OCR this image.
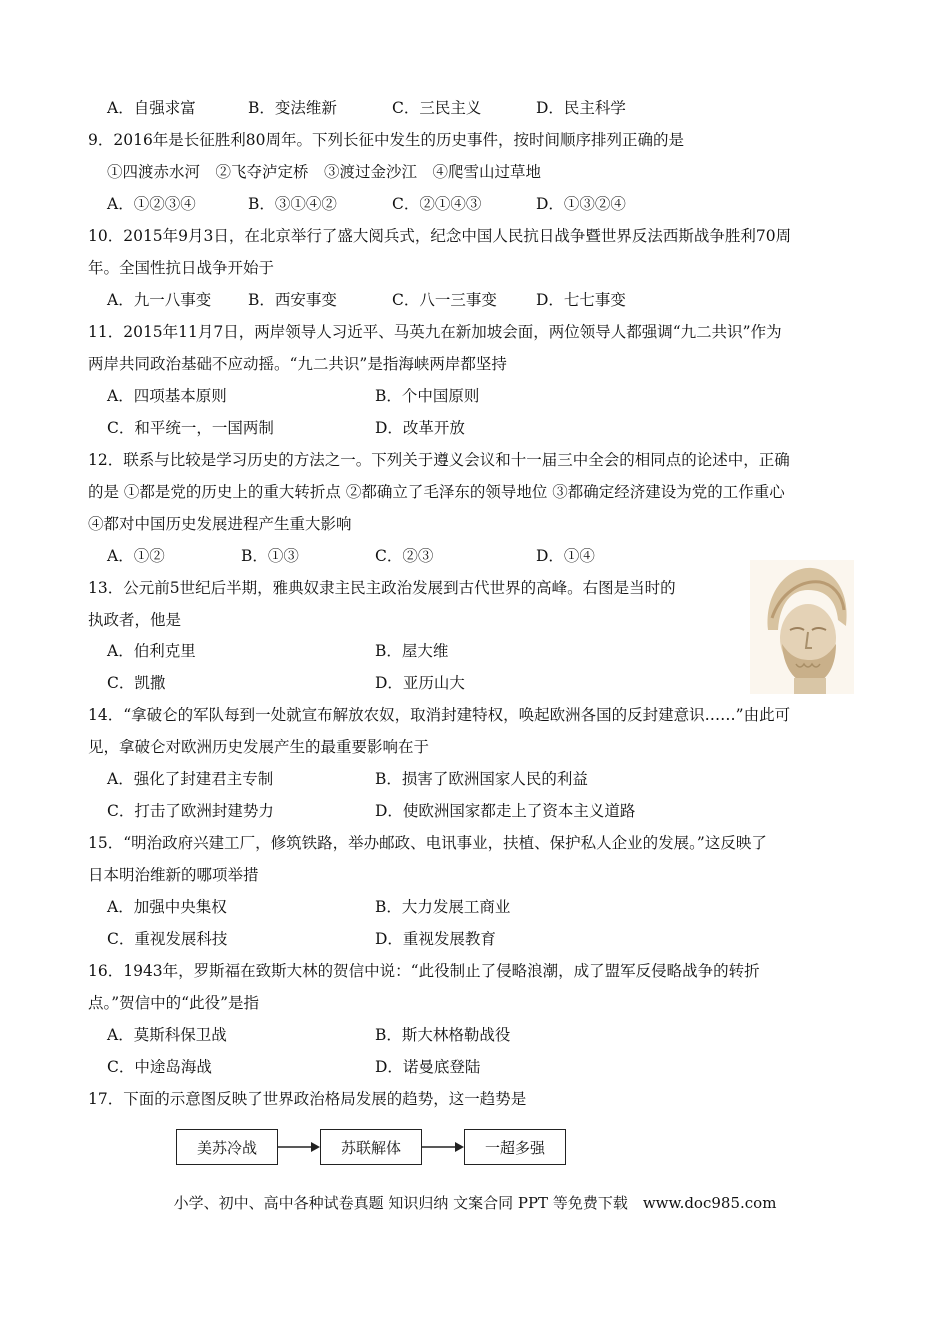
A．自强求富	B．变法维新	C．三民主义	D．民主科学
9．2016年是长征胜利80周年。下列长征中发生的历史事件，按时间顺序排列正确的是
①四渡赤水河　②飞夺泸定桥　③渡过金沙江　④爬雪山过草地
A．①②③④	B．③①④②	C．②①④③	D．①③②④
10．2015年9月3日，在北京举行了盛大阅兵式，纪念中国人民抗日战争暨世界反法西斯战争胜利70周
年。全国性抗日战争开始于
A．九一八事变 B．西安事变	C．八一三事变	D．七七事变
11．2015年11月7日，两岸领导人习近平、马英九在新加坡会面，两位领导人都强调“九二共识”作为
两岸共同政治基础不应动摇。“九二共识”是指海峡两岸都坚持
A．四项基本原则	B．个中国原则
C．和平统一，一国两制	D．改革开放
12．联系与比较是学习历史的方法之一。下列关于遵义会议和十一届三中全会的相同点的论述中，正确
的是 ①都是党的历史上的重大转折点 ②都确立了毛泽东的领导地位 ③都确定经济建设为党的工作重心
④都对中国历史发展进程产生重大影响
A．①②	B．①③	C．②③	D．①④
13．公元前5世纪后半期，雅典奴隶主民主政治发展到古代世界的高峰。右图是当时的
执政者，他是
A．伯利克里	B．屋大维
C．凯撒	D．亚历山大
14．“拿破仑的军队每到一处就宣布解放农奴，取消封建特权，唤起欧洲各国的反封建意识……”由此可
见，拿破仑对欧洲历史发展产生的最重要影响在于
A．强化了封建君主专制	B．损害了欧洲国家人民的利益
C．打击了欧洲封建势力	D．使欧洲国家都走上了资本主义道路
15．“明治政府兴建工厂，修筑铁路，举办邮政、电讯事业，扶植、保护私人企业的发展。”这反映了
日本明治维新的哪项举措
A．加强中央集权	B．大力发展工商业
C．重视发展科技	D．重视发展教育
16．1943年，罗斯福在致斯大林的贺信中说：“此役制止了侵略浪潮，成了盟军反侵略战争的转折
点。”贺信中的“此役”是指
A．莫斯科保卫战	B．斯大林格勒战役
C．中途岛海战	D．诺曼底登陆
17．下面的示意图反映了世界政治格局发展的趋势，这一趋势是
美苏冷战	苏联解体	一超多强
小学、初中、高中各种试卷真题 知识归纳 文案合同 PPT 等免费下载　www.doc985.com
